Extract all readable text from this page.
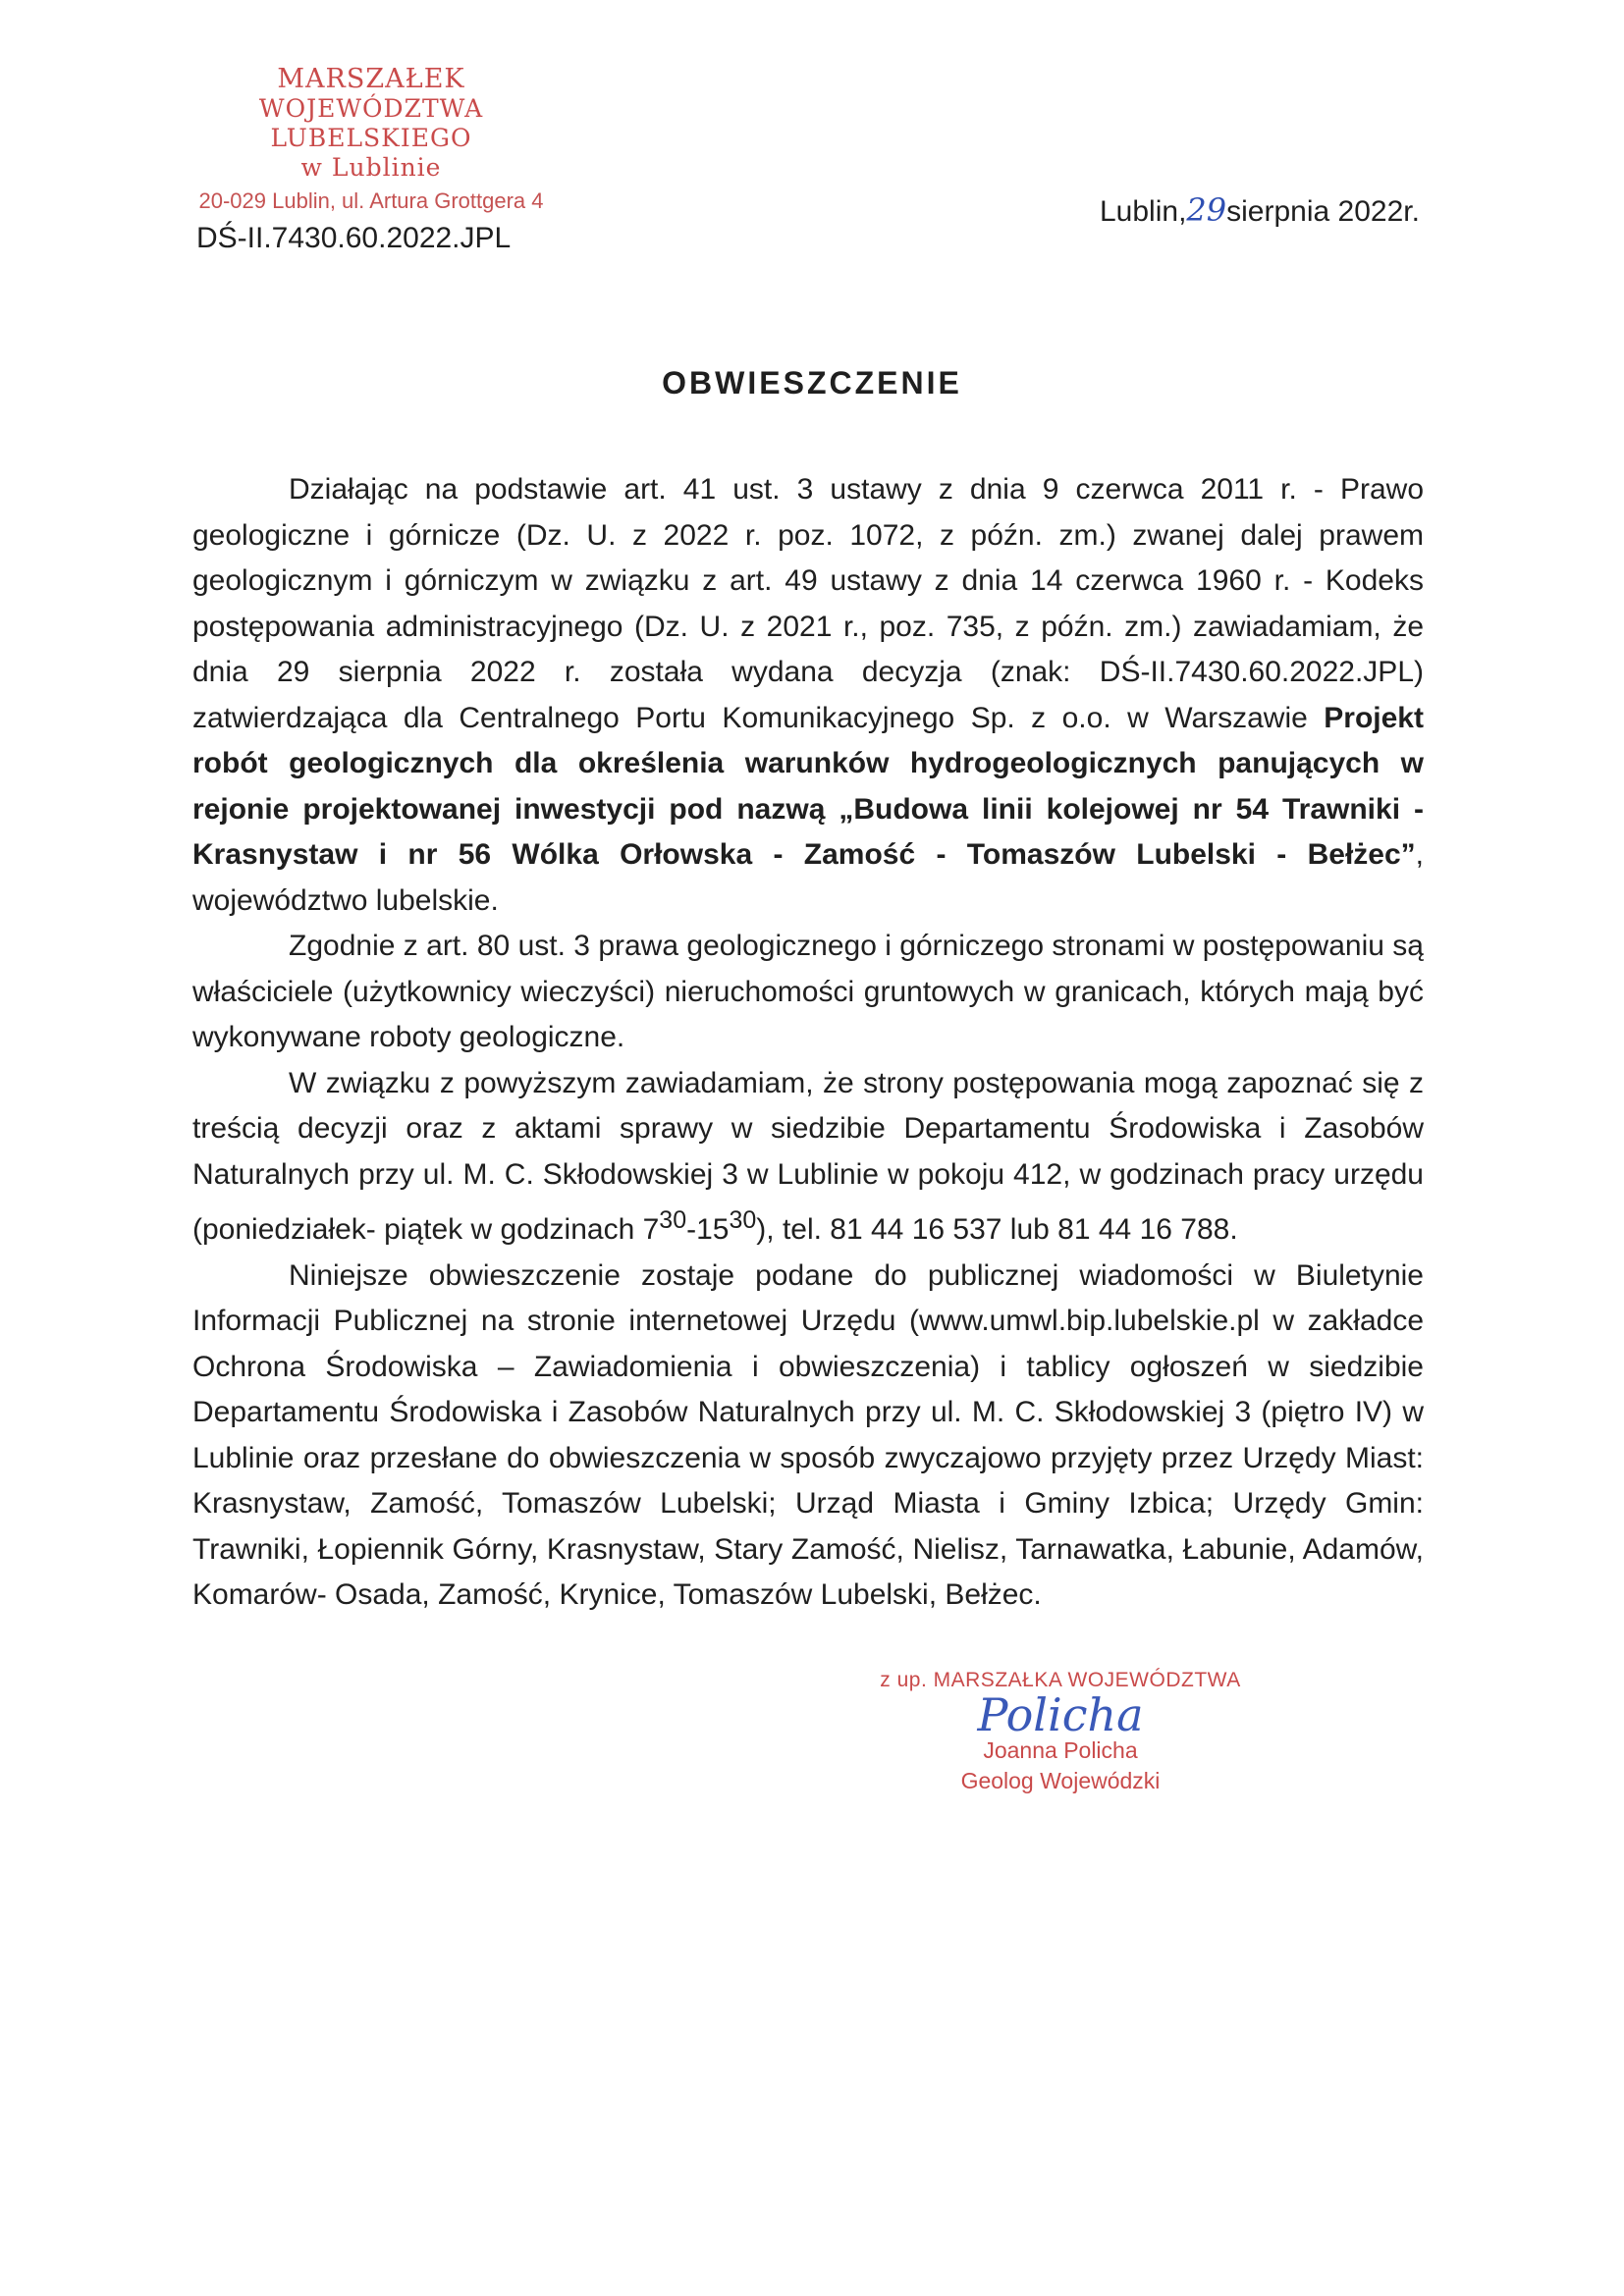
MARSZAŁEK
WOJEWÓDZTWA LUBELSKIEGO
w Lublinie
20-029 Lublin, ul. Artura Grottgera 4
DŚ-II.7430.60.2022.JPL
Lublin,29sierpnia 2022r.
OBWIESZCZENIE

Działając na podstawie art. 41 ust. 3 ustawy z dnia 9 czerwca 2011 r. - Prawo geologiczne i górnicze (Dz. U. z 2022 r. poz. 1072, z późn. zm.) zwanej dalej prawem geologicznym i górniczym w związku z art. 49 ustawy z dnia 14 czerwca 1960 r. - Kodeks postępowania administracyjnego (Dz. U. z 2021 r., poz. 735, z późn. zm.) zawiadamiam, że dnia 29 sierpnia 2022 r. została wydana decyzja (znak: DŚ-II.7430.60.2022.JPL) zatwierdzająca dla Centralnego Portu Komunikacyjnego Sp. z o.o. w Warszawie Projekt robót geologicznych dla określenia warunków hydrogeologicznych panujących w rejonie projektowanej inwestycji pod nazwą „Budowa linii kolejowej nr 54 Trawniki - Krasnystaw i nr 56 Wólka Orłowska - Zamość - Tomaszów Lubelski - Bełżec”, województwo lubelskie.

Zgodnie z art. 80 ust. 3 prawa geologicznego i górniczego stronami w postępowaniu są właściciele (użytkownicy wieczyści) nieruchomości gruntowych w granicach, których mają być wykonywane roboty geologiczne.

W związku z powyższym zawiadamiam, że strony postępowania mogą zapoznać się z treścią decyzji oraz z aktami sprawy w siedzibie Departamentu Środowiska i Zasobów Naturalnych przy ul. M. C. Skłodowskiej 3 w Lublinie w pokoju 412, w godzinach pracy urzędu (poniedziałek- piątek w godzinach $7^{30}-15^{30}$), tel. 81 44 16 537 lub 81 44 16 788.

Niniejsze obwieszczenie zostaje podane do publicznej wiadomości w Biuletynie Informacji Publicznej na stronie internetowej Urzędu (www.umwl.bip.lubelskie.pl w zakładce Ochrona Środowiska – Zawiadomienia i obwieszczenia) i tablicy ogłoszeń w siedzibie Departamentu Środowiska i Zasobów Naturalnych przy ul. M. C. Skłodowskiej 3 (piętro IV) w Lublinie oraz przesłane do obwieszczenia w sposób zwyczajowo przyjęty przez Urzędy Miast: Krasnystaw, Zamość, Tomaszów Lubelski; Urząd Miasta i Gminy Izbica; Urzędy Gmin: Trawniki, Łopiennik Górny, Krasnystaw, Stary Zamość, Nielisz, Tarnawatka, Łabunie, Adamów, Komarów- Osada, Zamość, Krynice, Tomaszów Lubelski, Bełżec.

z up. MARSZAŁKA WOJEWÓDZTWA
Policha
Joanna Policha
Geolog Wojewódzki
